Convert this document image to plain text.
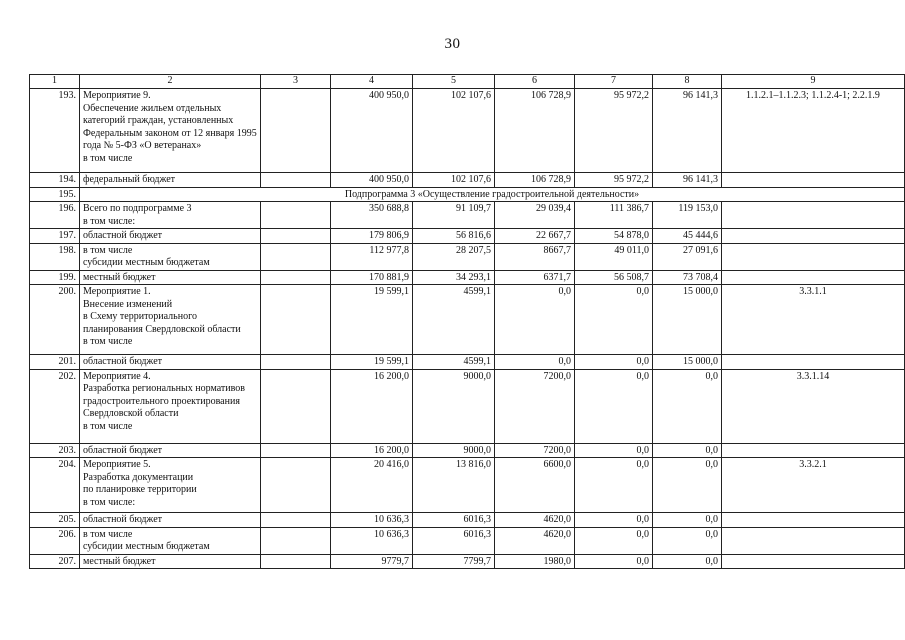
30
1	2	3	4	5	6	7	8	9
193.	Мероприятие 9.
Обеспечение жильем отдельных категорий граждан, установленных Федеральным законом от 12 января 1995 года № 5-ФЗ «О ветеранах»
в том числе		400 950,0	102 107,6	106 728,9	95 972,2	96 141,3	1.1.2.1–1.1.2.3; 1.1.2.4-1; 2.2.1.9
194.	федеральный бюджет		400 950,0	102 107,6	106 728,9	95 972,2	96 141,3	
195.	Подпрограмма 3 «Осуществление градостроительной деятельности»							
196.	Всего по подпрограмме 3
в том числе:		350 688,8	91 109,7	29 039,4	111 386,7	119 153,0	
197.	областной бюджет		179 806,9	56 816,6	22 667,7	54 878,0	45 444,6	
198.	в том числе
субсидии местным бюджетам		112 977,8	28 207,5	8667,7	49 011,0	27 091,6	
199.	местный бюджет		170 881,9	34 293,1	6371,7	56 508,7	73 708,4	
200.	Мероприятие 1.
Внесение изменений
в Схему территориального планирования Свердловской области
в том числе		19 599,1	4599,1	0,0	0,0	15 000,0	3.3.1.1
201.	областной бюджет		19 599,1	4599,1	0,0	0,0	15 000,0	
202.	Мероприятие 4.
Разработка региональных нормативов градостроительного проектирования Свердловской области
в том числе		16 200,0	9000,0	7200,0	0,0	0,0	3.3.1.14
203.	областной бюджет		16 200,0	9000,0	7200,0	0,0	0,0	
204.	Мероприятие 5.
Разработка документации
по планировке территории
в том числе:		20 416,0	13 816,0	6600,0	0,0	0,0	3.3.2.1
205.	областной бюджет		10 636,3	6016,3	4620,0	0,0	0,0	
206.	в том числе
субсидии местным бюджетам		10 636,3	6016,3	4620,0	0,0	0,0	
207.	местный бюджет		9779,7	7799,7	1980,0	0,0	0,0	
